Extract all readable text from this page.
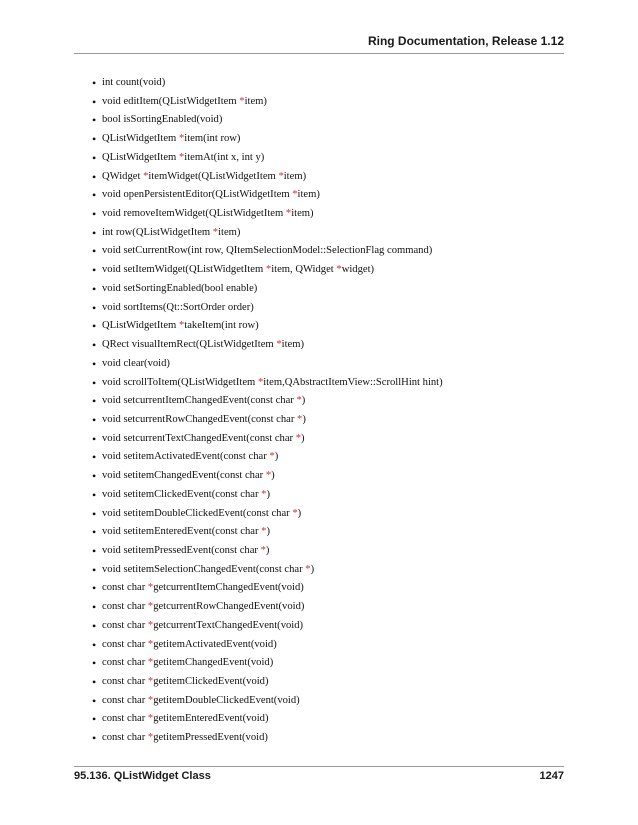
Ring Documentation, Release 1.12
• int count(void)
• void editItem(QListWidgetItem *item)
• bool isSortingEnabled(void)
• QListWidgetItem *item(int row)
• QListWidgetItem *itemAt(int x, int y)
• QWidget *itemWidget(QListWidgetItem *item)
• void openPersistentEditor(QListWidgetItem *item)
• void removeItemWidget(QListWidgetItem *item)
• int row(QListWidgetItem *item)
• void setCurrentRow(int row, QItemSelectionModel::SelectionFlag command)
• void setItemWidget(QListWidgetItem *item, QWidget *widget)
• void setSortingEnabled(bool enable)
• void sortItems(Qt::SortOrder order)
• QListWidgetItem *takeItem(int row)
• QRect visualItemRect(QListWidgetItem *item)
• void clear(void)
• void scrollToItem(QListWidgetItem *item,QAbstractItemView::ScrollHint hint)
• void setcurrentItemChangedEvent(const char *)
• void setcurrentRowChangedEvent(const char *)
• void setcurrentTextChangedEvent(const char *)
• void setitemActivatedEvent(const char *)
• void setitemChangedEvent(const char *)
• void setitemClickedEvent(const char *)
• void setitemDoubleClickedEvent(const char *)
• void setitemEnteredEvent(const char *)
• void setitemPressedEvent(const char *)
• void setitemSelectionChangedEvent(const char *)
• const char *getcurrentItemChangedEvent(void)
• const char *getcurrentRowChangedEvent(void)
• const char *getcurrentTextChangedEvent(void)
• const char *getitemActivatedEvent(void)
• const char *getitemChangedEvent(void)
• const char *getitemClickedEvent(void)
• const char *getitemDoubleClickedEvent(void)
• const char *getitemEnteredEvent(void)
• const char *getitemPressedEvent(void)
95.136. QListWidget Class	1247
